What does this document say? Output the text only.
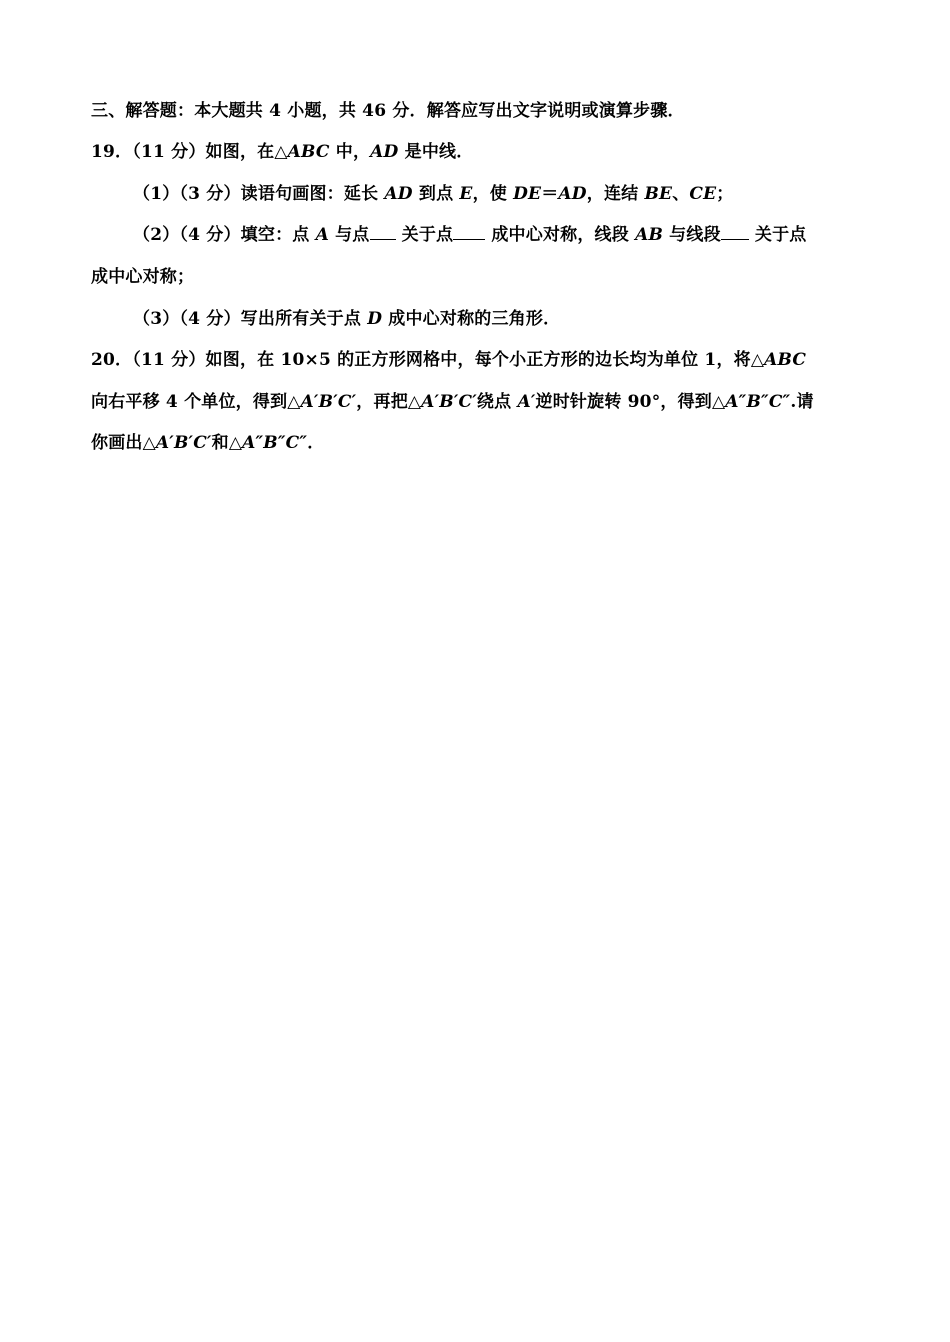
三、解答题：本大题共 4 小题，共 46 分．解答应写出文字说明或演算步骤．
19．（11 分）如图，在△ABC 中，AD 是中线．
（1）（3 分）读语句画图：延长 AD 到点 E，使 DE＝AD，连结 BE、CE；
（2）（4 分）填空：点 A 与点 关于点 成中心对称，线段 AB 与线段 关于点
成中心对称；
（3）（4 分）写出所有关于点 D 成中心对称的三角形．
20．（11 分）如图，在 10×5 的正方形网格中，每个小正方形的边长均为单位 1，将△ABC
向右平移 4 个单位，得到△A′B′C′，再把△A′B′C′绕点 A′逆时针旋转 90°，得到△A″B″C″.请
你画出△A′B′C′和△A″B″C″．
